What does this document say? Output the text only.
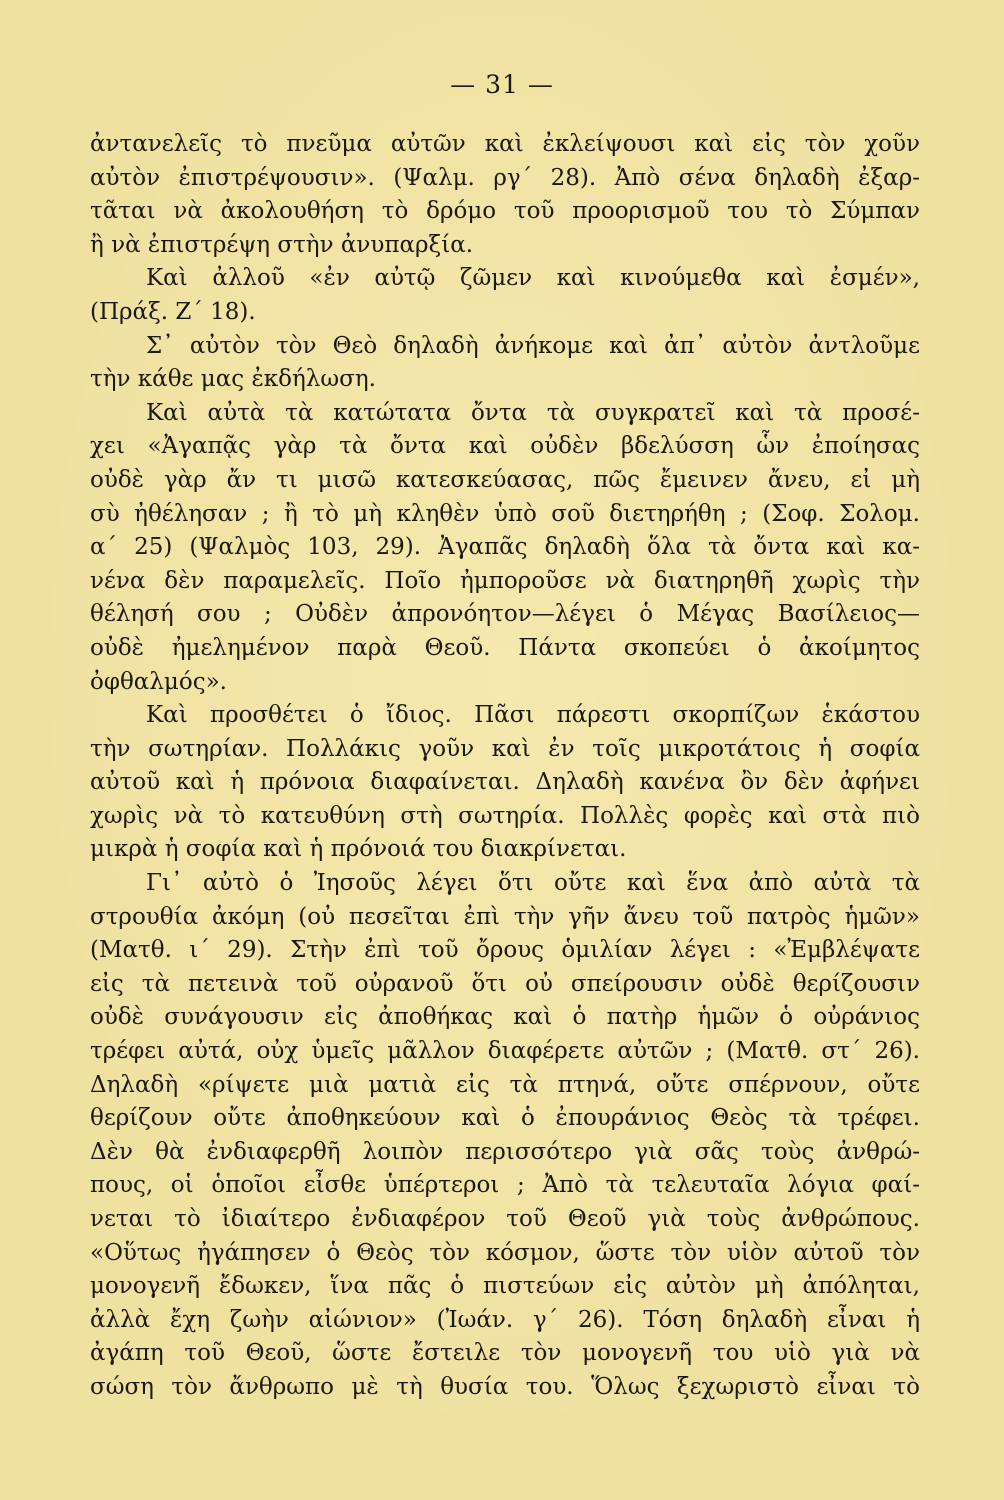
— 31 —
ἀντανελεῖς τὸ πνεῦμα αὐτῶν καὶ ἐκλείψουσι καὶ εἰς τὸν χοῦν
αὐτὸν ἐπιστρέψουσιν». (Ψαλμ. ργ΄ 28). Ἀπὸ σένα δηλαδὴ ἐξαρ-
τᾶται νὰ ἀκολουθήση τὸ δρόμο τοῦ προορισμοῦ του τὸ Σύμπαν
ἢ νὰ ἐπιστρέψη στὴν ἀνυπαρξία.
Καὶ ἀλλοῦ «ἐν αὐτῷ ζῶμεν καὶ κινούμεθα καὶ ἐσμέν»,
(Πράξ. Ζ΄ 18).
Σ᾽ αὐτὸν τὸν Θεὸ δηλαδὴ ἀνήκομε καὶ ἀπ᾽ αὐτὸν ἀντλοῦμε
τὴν κάθε μας ἐκδήλωση.
Καὶ αὐτὰ τὰ κατώτατα ὄντα τὰ συγκρατεῖ καὶ τὰ προσέ-
χει «Ἀγαπᾷς γὰρ τὰ ὄντα καὶ οὐδὲν βδελύσση ὧν ἐποίησας
οὐδὲ γὰρ ἄν τι μισῶ κατεσκεύασας, πῶς ἔμεινεν ἄνευ, εἰ μὴ
σὺ ἠθέλησαν ; ἢ τὸ μὴ κληθὲν ὑπὸ σοῦ διετηρήθη ; (Σοφ. Σολομ.
α΄ 25) (Ψαλμὸς 103, 29). Ἀγαπᾶς δηλαδὴ ὅλα τὰ ὄντα καὶ κα-
νένα δὲν παραμελεῖς. Ποῖο ἠμποροῦσε νὰ διατηρηθῆ χωρὶς τὴν
θέλησή σου ; Οὐδὲν ἀπρονόητον—λέγει ὁ Μέγας Βασίλειος—
οὐδὲ ἠμελημένον παρὰ Θεοῦ. Πάντα σκοπεύει ὁ ἀκοίμητος
ὀφθαλμός».
Καὶ προσθέτει ὁ ἴδιος. Πᾶσι πάρεστι σκορπίζων ἑκάστου
τὴν σωτηρίαν. Πολλάκις γοῦν καὶ ἐν τοῖς μικροτάτοις ἡ σοφία
αὐτοῦ καὶ ἡ πρόνοια διαφαίνεται. Δηλαδὴ κανένα ὂν δὲν ἀφήνει
χωρὶς νὰ τὸ κατευθύνη στὴ σωτηρία. Πολλὲς φορὲς καὶ στὰ πιὸ
μικρὰ ἡ σοφία καὶ ἡ πρόνοιά του διακρίνεται.
Γι᾽ αὐτὸ ὁ Ἰησοῦς λέγει ὅτι οὔτε καὶ ἕνα ἀπὸ αὐτὰ τὰ
στρουθία ἀκόμη (οὐ πεσεῖται ἐπὶ τὴν γῆν ἄνευ τοῦ πατρὸς ἡμῶν»
(Ματθ. ι΄ 29). Στὴν ἐπὶ τοῦ ὄρους ὁμιλίαν λέγει : «Ἐμβλέψατε
εἰς τὰ πετεινὰ τοῦ οὐρανοῦ ὅτι οὐ σπείρουσιν οὐδὲ θερίζουσιν
οὐδὲ συνάγουσιν εἰς ἀποθήκας καὶ ὁ πατὴρ ἡμῶν ὁ οὐράνιος
τρέφει αὐτά, οὐχ ὑμεῖς μᾶλλον διαφέρετε αὐτῶν ; (Ματθ. στ΄ 26).
Δηλαδὴ «ρίψετε μιὰ ματιὰ εἰς τὰ πτηνά, οὔτε σπέρνουν, οὔτε
θερίζουν οὔτε ἀποθηκεύουν καὶ ὁ ἐπουράνιος Θεὸς τὰ τρέφει.
Δὲν θὰ ἐνδιαφερθῆ λοιπὸν περισσότερο γιὰ σᾶς τοὺς ἀνθρώ-
πους, οἱ ὁποῖοι εἶσθε ὑπέρτεροι ; Ἀπὸ τὰ τελευταῖα λόγια φαί-
νεται τὸ ἰδιαίτερο ἐνδιαφέρον τοῦ Θεοῦ γιὰ τοὺς ἀνθρώπους.
«Οὕτως ἠγάπησεν ὁ Θεὸς τὸν κόσμον, ὥστε τὸν υἱὸν αὐτοῦ τὸν
μονογενῆ ἔδωκεν, ἵνα πᾶς ὁ πιστεύων εἰς αὐτὸν μὴ ἀπόληται,
ἀλλὰ ἔχη ζωὴν αἰώνιον» (Ἰωάν. γ΄ 26). Τόση δηλαδὴ εἶναι ἡ
ἀγάπη τοῦ Θεοῦ, ὥστε ἔστειλε τὸν μονογενῆ του υἱὸ γιὰ νὰ
σώση τὸν ἄνθρωπο μὲ τὴ θυσία του. Ὅλως ξεχωριστὸ εἶναι τὸ
